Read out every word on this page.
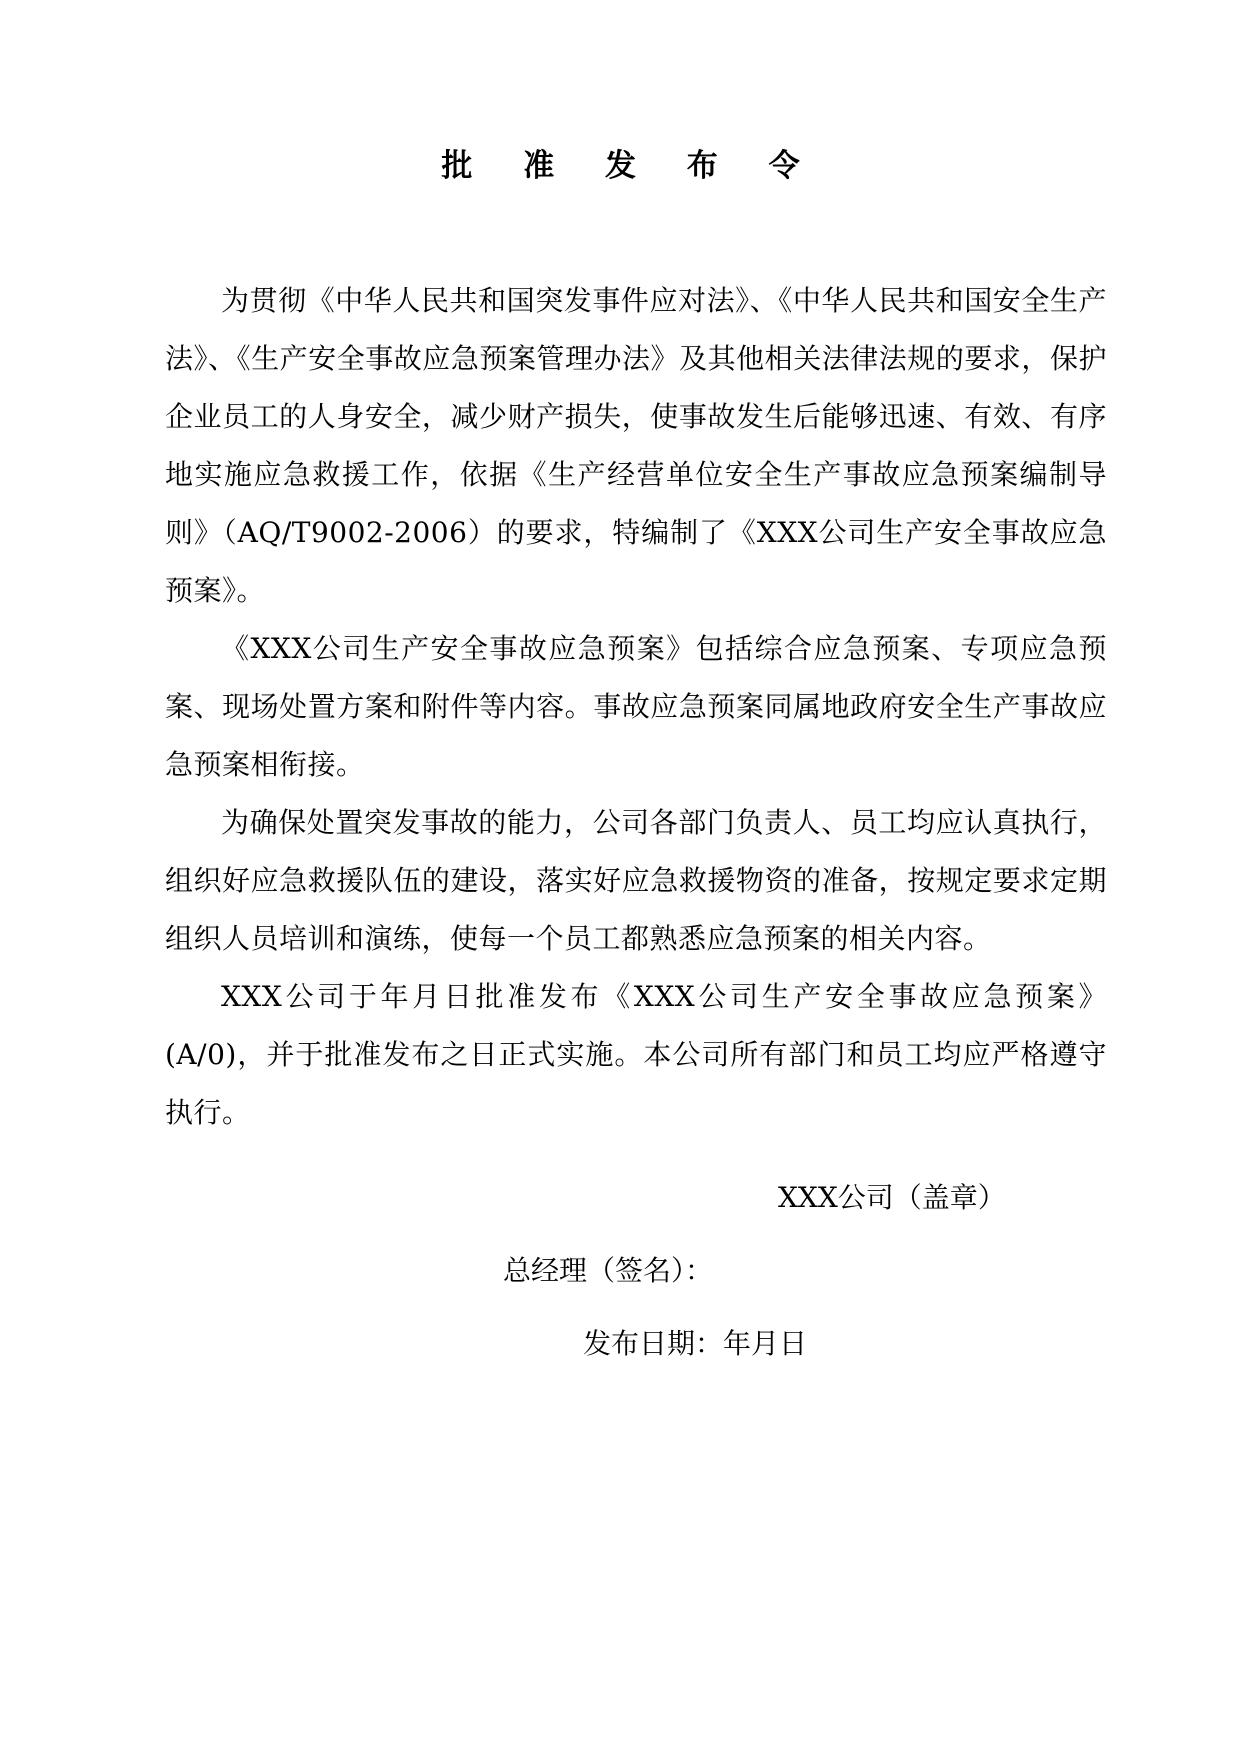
批 准 发 布 令

为贯彻《中华人民共和国突发事件应对法》、《中华人民共和国安全生产法》、《生产安全事故应急预案管理办法》及其他相关法律法规的要求，保护企业员工的人身安全，减少财产损失，使事故发生后能够迅速、有效、有序地实施应急救援工作，依据《生产经营单位安全生产事故应急预案编制导则》（AQ/T9002-2006）的要求，特编制了《XXX公司生产安全事故应急预案》。

《XXX公司生产安全事故应急预案》包括综合应急预案、专项应急预案、现场处置方案和附件等内容。事故应急预案同属地政府安全生产事故应急预案相衔接。

为确保处置突发事故的能力，公司各部门负责人、员工均应认真执行，组织好应急救援队伍的建设，落实好应急救援物资的准备，按规定要求定期组织人员培训和演练，使每一个员工都熟悉应急预案的相关内容。

XXX公司于年月日批准发布《XXX公司生产安全事故应急预案》(A/0)，并于批准发布之日正式实施。本公司所有部门和员工均应严格遵守执行。

XXX公司（盖章）
总经理（签名）：
发布日期：年月日
